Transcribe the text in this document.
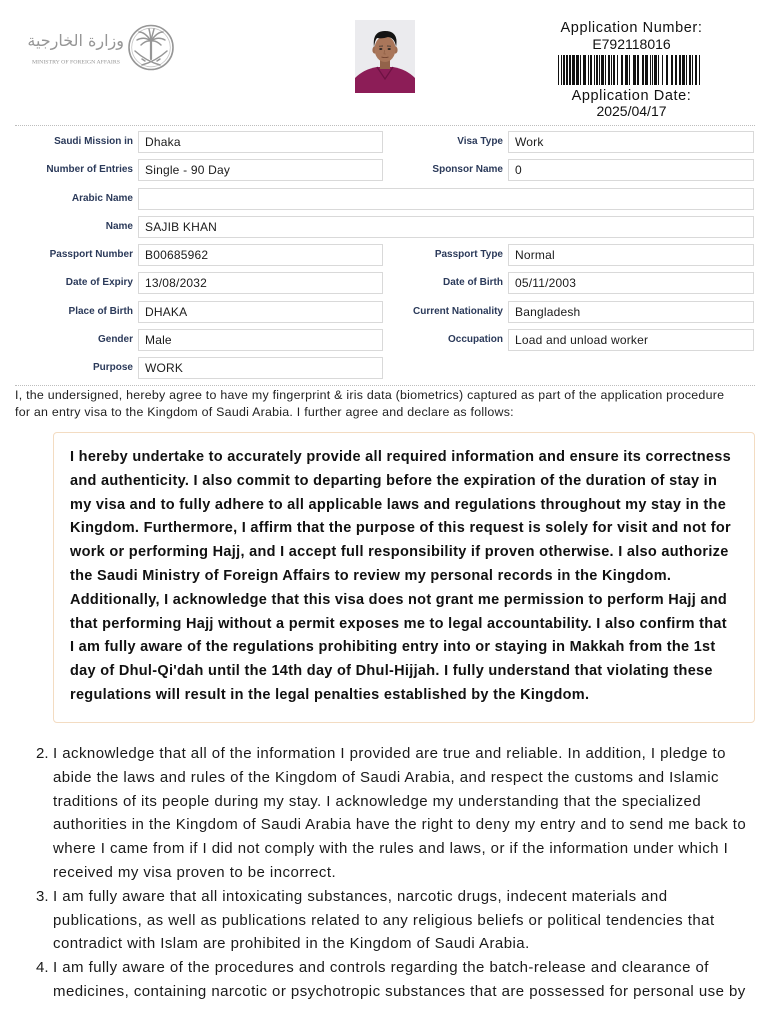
وزارة الخارجية
MINISTRY OF FOREIGN AFFAIRS
Application Number:
E792118016
Application Date:
2025/04/17
Saudi Mission in	Dhaka	Visa Type	Work
Number of Entries	Single - 90 Day	Sponsor Name	0
Arabic Name
Name	SAJIB KHAN
Passport Number	B00685962	Passport Type	Normal
Date of Expiry	13/08/2032	Date of Birth	05/11/2003
Place of Birth	DHAKA	Current Nationality	Bangladesh
Gender	Male	Occupation	Load and unload worker
Purpose	WORK
I, the undersigned, hereby agree to have my fingerprint & iris data (biometrics) captured as part of the application procedure
for an entry visa to the Kingdom of Saudi Arabia. I further agree and declare as follows:
I hereby undertake to accurately provide all required information and ensure its correctness
and authenticity. I also commit to departing before the expiration of the duration of stay in
my visa and to fully adhere to all applicable laws and regulations throughout my stay in the
Kingdom. Furthermore, I affirm that the purpose of this request is solely for visit and not for
work or performing Hajj, and I accept full responsibility if proven otherwise. I also authorize
the Saudi Ministry of Foreign Affairs to review my personal records in the Kingdom.
Additionally, I acknowledge that this visa does not grant me permission to perform Hajj and
that performing Hajj without a permit exposes me to legal accountability. I also confirm that
I am fully aware of the regulations prohibiting entry into or staying in Makkah from the 1st
day of Dhul-Qi'dah until the 14th day of Dhul-Hijjah. I fully understand that violating these
regulations will result in the legal penalties established by the Kingdom.
2. I acknowledge that all of the information I provided are true and reliable. In addition, I pledge to
abide the laws and rules of the Kingdom of Saudi Arabia, and respect the customs and Islamic
traditions of its people during my stay. I acknowledge my understanding that the specialized
authorities in the Kingdom of Saudi Arabia have the right to deny my entry and to send me back to
where I came from if I did not comply with the rules and laws, or if the information under which I
received my visa proven to be incorrect.
3. I am fully aware that all intoxicating substances, narcotic drugs, indecent materials and
publications, as well as publications related to any religious beliefs or political tendencies that
contradict with Islam are prohibited in the Kingdom of Saudi Arabia.
4. I am fully aware of the procedures and controls regarding the batch-release and clearance of
medicines, containing narcotic or psychotropic substances that are possessed for personal use by
